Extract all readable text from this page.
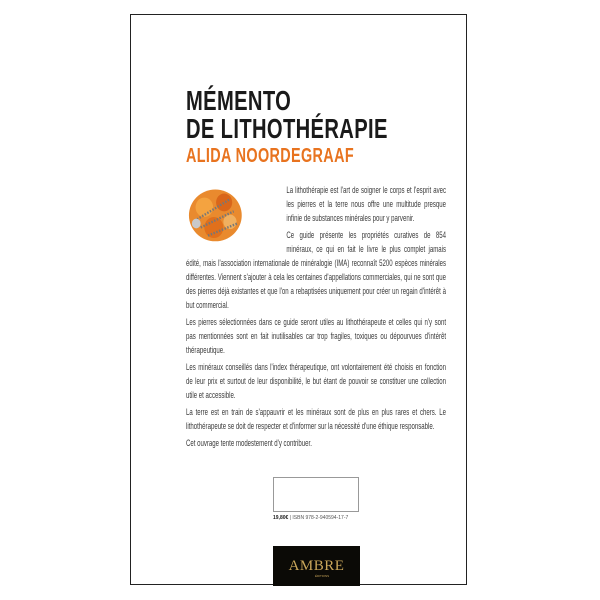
MÉMENTO
DE LITHOTHÉRAPIE
ALIDA NOORDEGRAAF

La lithothérapie est l'art de soigner le corps et l'esprit avec les pierres et la terre nous offre une multitude presque infinie de substances minérales pour y parvenir.

Ce guide présente les propriétés curatives de 854 minéraux, ce qui en fait le livre le plus complet jamais édité, mais l'association internationale de minéralogie (IMA) reconnaît 5200 espèces minérales différentes. Viennent s'ajouter à cela les centaines d'appellations commerciales, qui ne sont que des pierres déjà existantes et que l'on a rebaptisées uniquement pour créer un regain d'intérêt à but commercial.

Les pierres sélectionnées dans ce guide seront utiles au lithothérapeute et celles qui n'y sont pas mentionnées sont en fait inutilisables car trop fragiles, toxiques ou dépourvues d'intérêt thérapeutique.

Les minéraux conseillés dans l'index thérapeutique, ont volontairement été choisis en fonction de leur prix et surtout de leur disponibilité, le but étant de pouvoir se constituer une collection utile et accessible.

La terre est en train de s'appauvrir et les minéraux sont de plus en plus rares et chers. Le lithothérapeute se doit de respecter et d'informer sur la nécessité d'une éthique responsable.

Cet ouvrage tente modestement d'y contribuer.

19,80€ | ISBN 978-2-940594-17-7
AMBRE
ÉDITIONS
